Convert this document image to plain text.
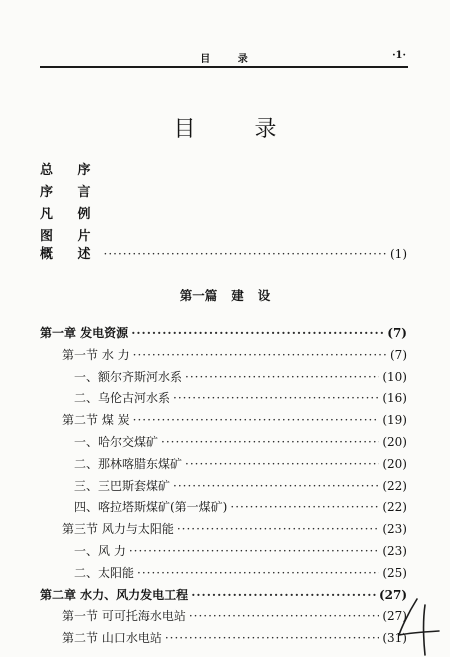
目 录	·1·
目 录
总 序
序 言
凡 例
图 片
概 述 ·····	(1)
第一篇 建 设
第一章 发电资源 ·····	(7)
第一节 水 力 ·····	(7)
一、额尔齐斯河水系 ·····	(10)
二、乌伦古河水系 ·····	(16)
第二节 煤 炭 ·····	(19)
一、哈尔交煤矿 ·····	(20)
二、那林喀腊东煤矿 ·····	(20)
三、三巴斯套煤矿 ·····	(22)
四、喀拉塔斯煤矿(第一煤矿) ·····	(22)
第三节 风力与太阳能 ·····	(23)
一、风 力 ·····	(23)
二、太阳能 ·····	(25)
第二章 水力、风力发电工程 ·····	(27)
第一节 可可托海水电站 ·····	(27)
第二节 山口水电站 ·····	(31)
